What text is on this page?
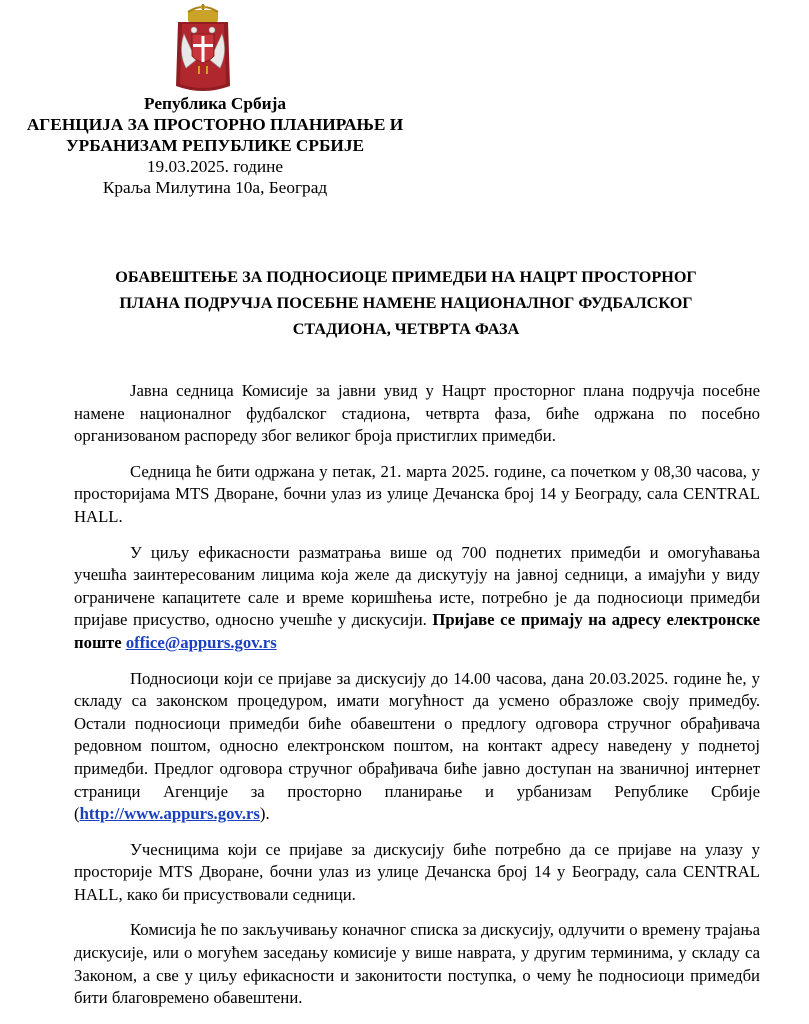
Република Србија
АГЕНЦИЈА ЗА ПРОСТОРНО ПЛАНИРАЊЕ И
УРБАНИЗАМ РЕПУБЛИКЕ СРБИЈЕ
19.03.2025. године
Краља Милутина 10а, Београд
ОБАВЕШТЕЊЕ ЗА ПОДНОСИОЦЕ ПРИМЕДБИ НА НАЦРТ ПРОСТОРНОГ
ПЛАНА ПОДРУЧЈА ПОСЕБНЕ НАМЕНЕ НАЦИОНАЛНОГ ФУДБАЛСКОГ
СТАДИОНА, ЧЕТВРТА ФАЗА

Јавна седница Комисије за јавни увид у Нацрт просторног плана подручја посебне намене националног фудбалског стадиона, четврта фаза, биће одржана по посебно организованом распореду због великог броја пристиглих примедби.

Седница ће бити одржана у петак, 21. марта 2025. године, са почетком у 08,30 часова, у просторијама MTS Дворане, бочни улаз из улице Дечанска број 14 у Београду, сала CENTRAL HALL.

У циљу ефикасности разматрања више од 700 поднетих примедби и омогућавања учешћа заинтересованим лицима која желе да дискутују на јавној седници, а имајући у виду ограничене капацитете сале и време коришћења исте, потребно је да подносиоци примедби пријаве присуство, односно учешће у дискусији. Пријаве се примају на адресу електронске поште office@appurs.gov.rs

Подносиоци који се пријаве за дискусију до 14.00 часова, дана 20.03.2025. године ће, у складу са законском процедуром, имати могућност да усмено образложе своју примедбу. Остали подносиоци примедби биће обавештени о предлогу одговора стручног обрађивача редовном поштом, односно електронском поштом, на контакт адресу наведену у поднетој примедби. Предлог одговора стручног обрађивача биће јавно доступан на званичној интернет страници Агенције за просторно планирање и урбанизам Републике Србије (http://www.appurs.gov.rs).

Учесницима који се пријаве за дискусију биће потребно да се пријаве на улазу у просторије MTS Дворане, бочни улаз из улице Дечанска број 14 у Београду, сала CENTRAL HALL, како би присуствовали седници.

Комисија ће по закључивању коначног списка за дискусију, одлучити о времену трајања дискусије, или о могућем заседању комисије у више наврата, у другим терминима, у складу са Законом, а све у циљу ефикасности и законитости поступка, о чему ће подносиоци примедби бити благовремено обавештени.
